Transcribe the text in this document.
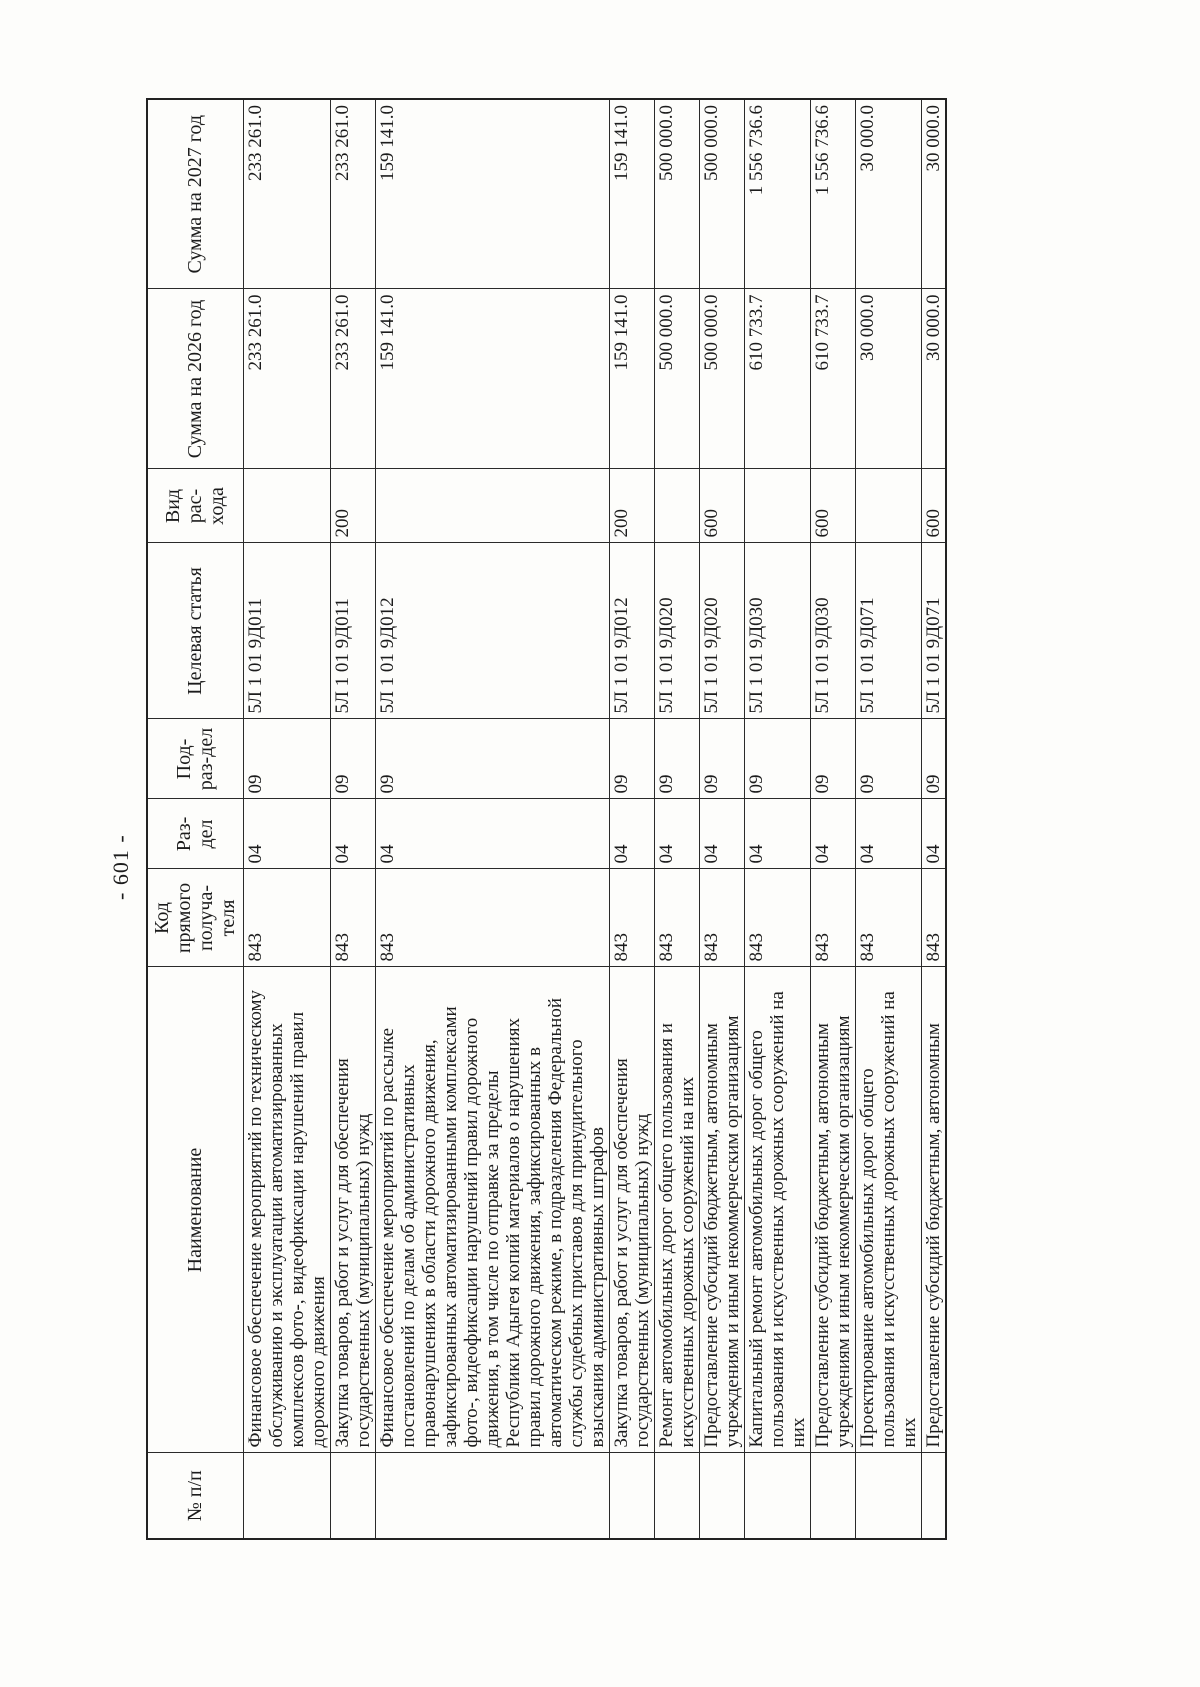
- 601 -
№ п/п	Наименование	Код прямого получа-теля	Раз-дел	Под-раз-дел	Целевая статья	Вид рас-хода	Сумма на 2026 год	Сумма на 2027 год
	Финансовое обеспечение мероприятий по техническому обслуживанию и эксплуатации автоматизированных комплексов фото-, видеофиксации нарушений правил дорожного движения	843	04	09	5Л 1 01 9Д011		233 261.0	233 261.0
	Закупка товаров, работ и услуг для обеспечения государственных (муниципальных) нужд	843	04	09	5Л 1 01 9Д011	200	233 261.0	233 261.0
	Финансовое обеспечение мероприятий по рассылке постановлений по делам об административных правонарушениях в области дорожного движения, зафиксированных автоматизированными комплексами фото-, видеофиксации нарушений правил дорожного движения, в том числе по отправке за пределы Республики Адыгея копий материалов о нарушениях правил дорожного движения, зафиксированных в автоматическом режиме, в подразделения Федеральной службы судебных приставов для принудительного взыскания административных штрафов	843	04	09	5Л 1 01 9Д012		159 141.0	159 141.0
	Закупка товаров, работ и услуг для обеспечения государственных (муниципальных) нужд	843	04	09	5Л 1 01 9Д012	200	159 141.0	159 141.0
	Ремонт автомобильных дорог общего пользования и искусственных дорожных сооружений на них	843	04	09	5Л 1 01 9Д020		500 000.0	500 000.0
	Предоставление субсидий бюджетным, автономным учреждениям и иным некоммерческим организациям	843	04	09	5Л 1 01 9Д020	600	500 000.0	500 000.0
	Капитальный ремонт автомобильных дорог общего пользования и искусственных дорожных сооружений на них	843	04	09	5Л 1 01 9Д030		610 733.7	1 556 736.6
	Предоставление субсидий бюджетным, автономным учреждениям и иным некоммерческим организациям	843	04	09	5Л 1 01 9Д030	600	610 733.7	1 556 736.6
	Проектирование автомобильных дорог общего пользования и искусственных дорожных сооружений на них	843	04	09	5Л 1 01 9Д071		30 000.0	30 000.0
	Предоставление субсидий бюджетным, автономным	843	04	09	5Л 1 01 9Д071	600	30 000.0	30 000.0
